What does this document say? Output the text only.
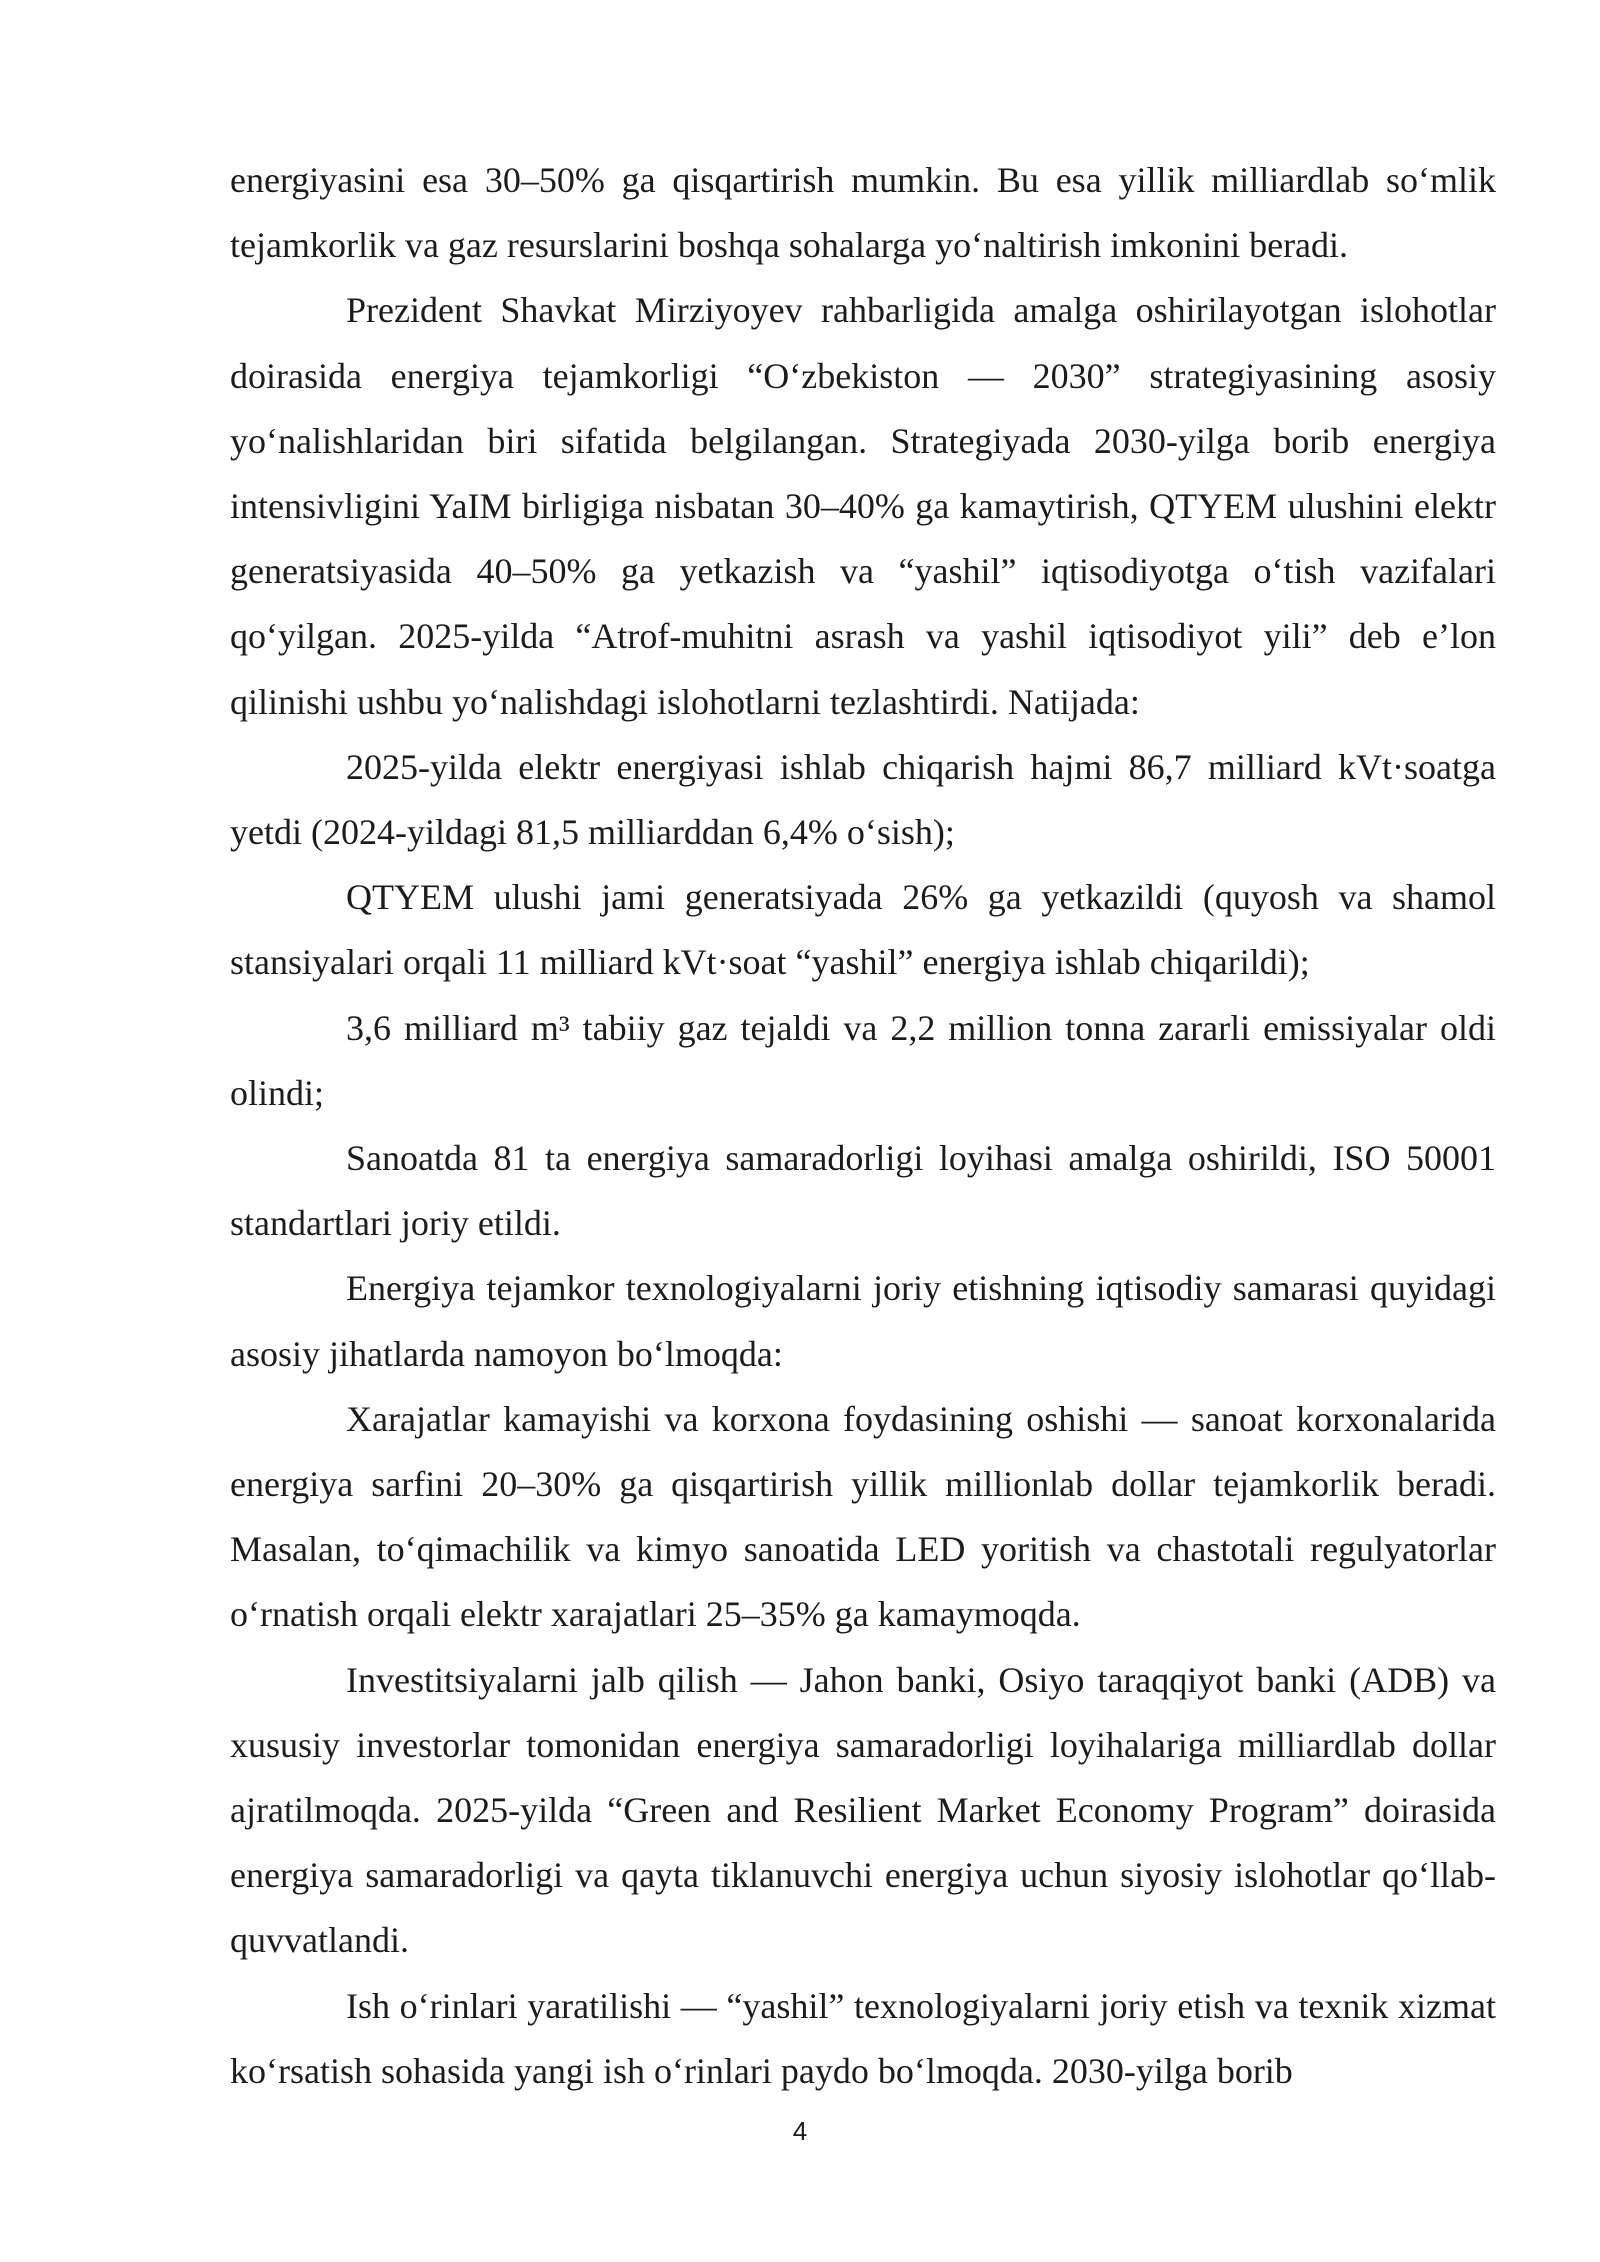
energiyasini esa 30–50% ga qisqartirish mumkin. Bu esa yillik milliardlab so‘mlik tejamkorlik va gaz resurslarini boshqa sohalarga yo‘naltirish imkonini beradi.

Prezident Shavkat Mirziyoyev rahbarligida amalga oshirilayotgan islohotlar doirasida energiya tejamkorligi “O‘zbekiston — 2030” strategiyasining asosiy yo‘nalishlaridan biri sifatida belgilangan. Strategiyada 2030-yilga borib energiya intensivligini YaIM birligiga nisbatan 30–40% ga kamaytirish, QTYEM ulushini elektr generatsiyasida 40–50% ga yetkazish va “yashil” iqtisodiyotga o‘tish vazifalari qo‘yilgan. 2025-yilda “Atrof-muhitni asrash va yashil iqtisodiyot yili” deb e’lon qilinishi ushbu yo‘nalishdagi islohotlarni tezlashtirdi. Natijada:

2025-yilda elektr energiyasi ishlab chiqarish hajmi 86,7 milliard kVt·soatga yetdi (2024-yildagi 81,5 milliarddan 6,4% o‘sish);

QTYEM ulushi jami generatsiyada 26% ga yetkazildi (quyosh va shamol stansiyalari orqali 11 milliard kVt·soat “yashil” energiya ishlab chiqarildi);

3,6 milliard m³ tabiiy gaz tejaldi va 2,2 million tonna zararli emissiyalar oldi olindi;

Sanoatda 81 ta energiya samaradorligi loyihasi amalga oshirildi, ISO 50001 standartlari joriy etildi.

Energiya tejamkor texnologiyalarni joriy etishning iqtisodiy samarasi quyidagi asosiy jihatlarda namoyon bo‘lmoqda:

Xarajatlar kamayishi va korxona foydasining oshishi — sanoat korxonalarida energiya sarfini 20–30% ga qisqartirish yillik millionlab dollar tejamkorlik beradi. Masalan, to‘qimachilik va kimyo sanoatida LED yoritish va chastotali regulyatorlar o‘rnatish orqali elektr xarajatlari 25–35% ga kamaymoqda.

Investitsiyalarni jalb qilish — Jahon banki, Osiyo taraqqiyot banki (ADB) va xususiy investorlar tomonidan energiya samaradorligi loyihalariga milliardlab dollar ajratilmoqda. 2025-yilda “Green and Resilient Market Economy Program” doirasida energiya samaradorligi va qayta tiklanuvchi energiya uchun siyosiy islohotlar qo‘llab-quvvatlandi.

Ish o‘rinlari yaratilishi — “yashil” texnologiyalarni joriy etish va texnik xizmat ko‘rsatish sohasida yangi ish o‘rinlari paydo bo‘lmoqda. 2030-yilga borib

4
